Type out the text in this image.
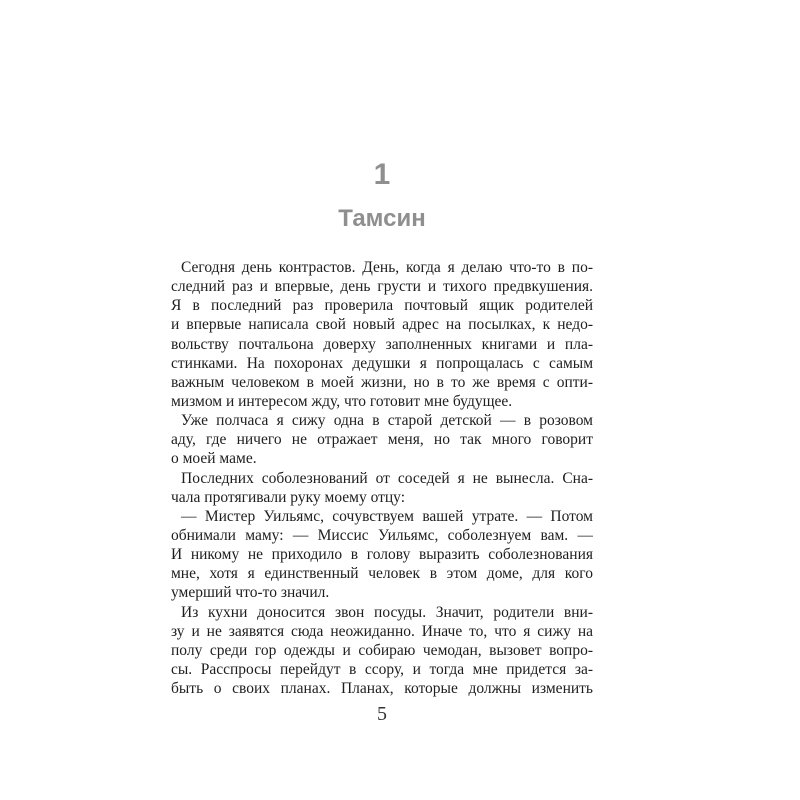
1
Тамсин
Сегодня день контрастов. День, когда я делаю что-то в по-
следний раз и впервые, день грусти и тихого предвкушения.
Я в последний раз проверила почтовый ящик родителей
и впервые написала свой новый адрес на посылках, к недо-
вольству почтальона доверху заполненных книгами и пла-
стинками. На похоронах дедушки я попрощалась с самым
важным человеком в моей жизни, но в то же время с опти-
мизмом и интересом жду, что готовит мне будущее.
Уже полчаса я сижу одна в старой детской — в розовом
аду, где ничего не отражает меня, но так много говорит
о моей маме.
Последних соболезнований от соседей я не вынесла. Сна-
чала протягивали руку моему отцу:
— Мистер Уильямс, сочувствуем вашей утрате. — Потом
обнимали маму: — Миссис Уильямс, соболезнуем вам. —
И никому не приходило в голову выразить соболезнования
мне, хотя я единственный человек в этом доме, для кого
умерший что-то значил.
Из кухни доносится звон посуды. Значит, родители вни-
зу и не заявятся сюда неожиданно. Иначе то, что я сижу на
полу среди гор одежды и собираю чемодан, вызовет вопро-
сы. Расспросы перейдут в ссору, и тогда мне придется за-
быть о своих планах. Планах, которые должны изменить
5
